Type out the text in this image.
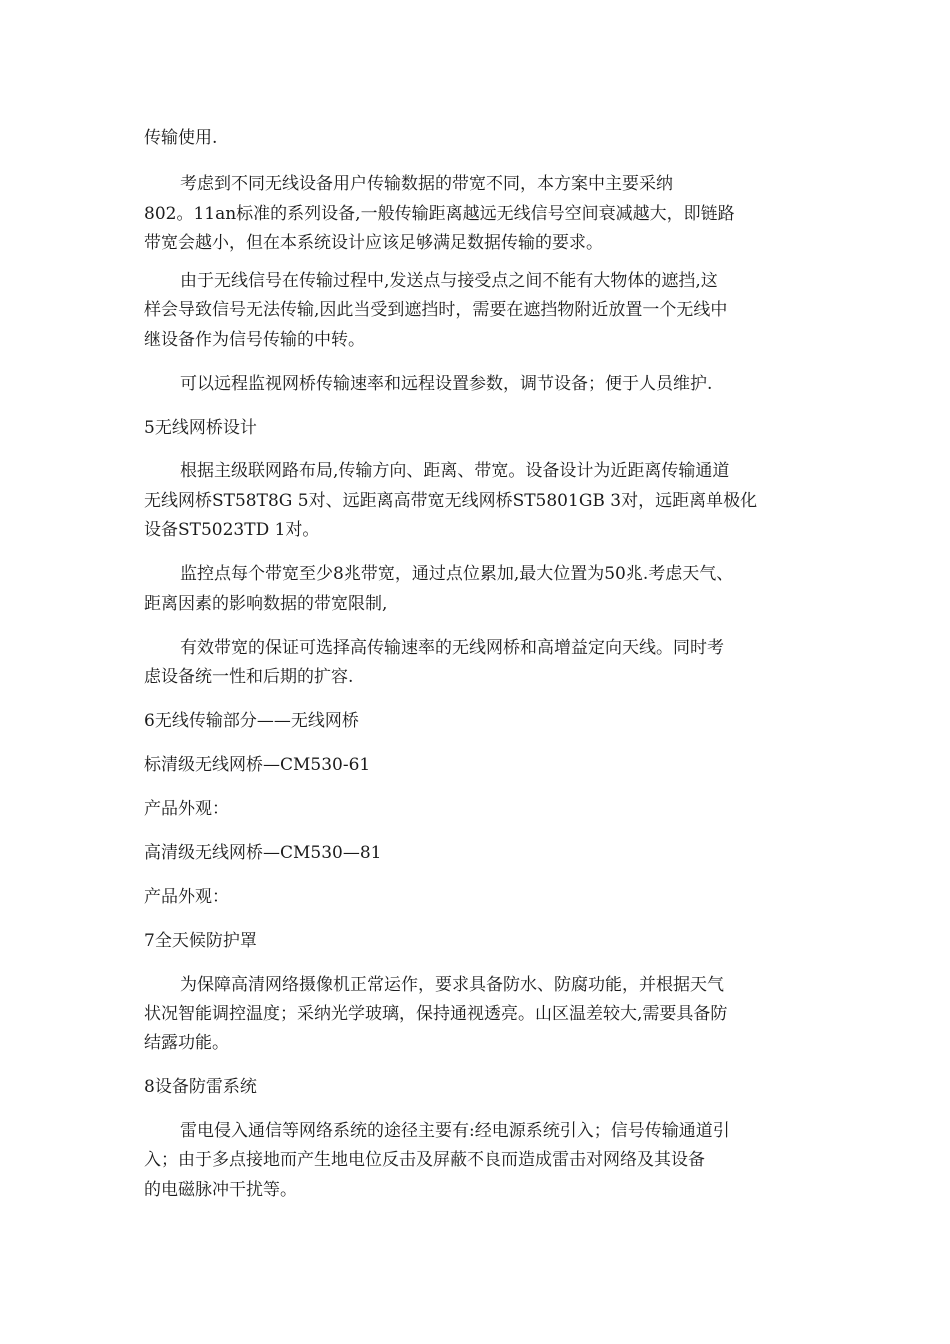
传输使用.
考虑到不同无线设备用户传输数据的带宽不同，本方案中主要采纳
802。11an标准的系列设备,一般传输距离越远无线信号空间衰减越大，即链路
带宽会越小，但在本系统设计应该足够满足数据传输的要求。
由于无线信号在传输过程中,发送点与接受点之间不能有大物体的遮挡,这
样会导致信号无法传输,因此当受到遮挡时，需要在遮挡物附近放置一个无线中
继设备作为信号传输的中转。
可以远程监视网桥传输速率和远程设置参数，调节设备；便于人员维护.
5无线网桥设计
根据主级联网路布局,传输方向、距离、带宽。设备设计为近距离传输通道
无线网桥ST58T8G 5对、远距离高带宽无线网桥ST5801GB 3对，远距离单极化
设备ST5023TD 1对。
监控点每个带宽至少8兆带宽，通过点位累加,最大位置为50兆.考虑天气、
距离因素的影响数据的带宽限制,
有效带宽的保证可选择高传输速率的无线网桥和高增益定向天线。同时考
虑设备统一性和后期的扩容.
6无线传输部分——无线网桥
标清级无线网桥—CM530-61
产品外观：
高清级无线网桥—CM530—81
产品外观：
7全天候防护罩
为保障高清网络摄像机正常运作，要求具备防水、防腐功能，并根据天气
状况智能调控温度；采纳光学玻璃，保持通视透亮。山区温差较大,需要具备防
结露功能。
8设备防雷系统
雷电侵入通信等网络系统的途径主要有:经电源系统引入；信号传输通道引
入；由于多点接地而产生地电位反击及屏蔽不良而造成雷击对网络及其设备
的电磁脉冲干扰等。
